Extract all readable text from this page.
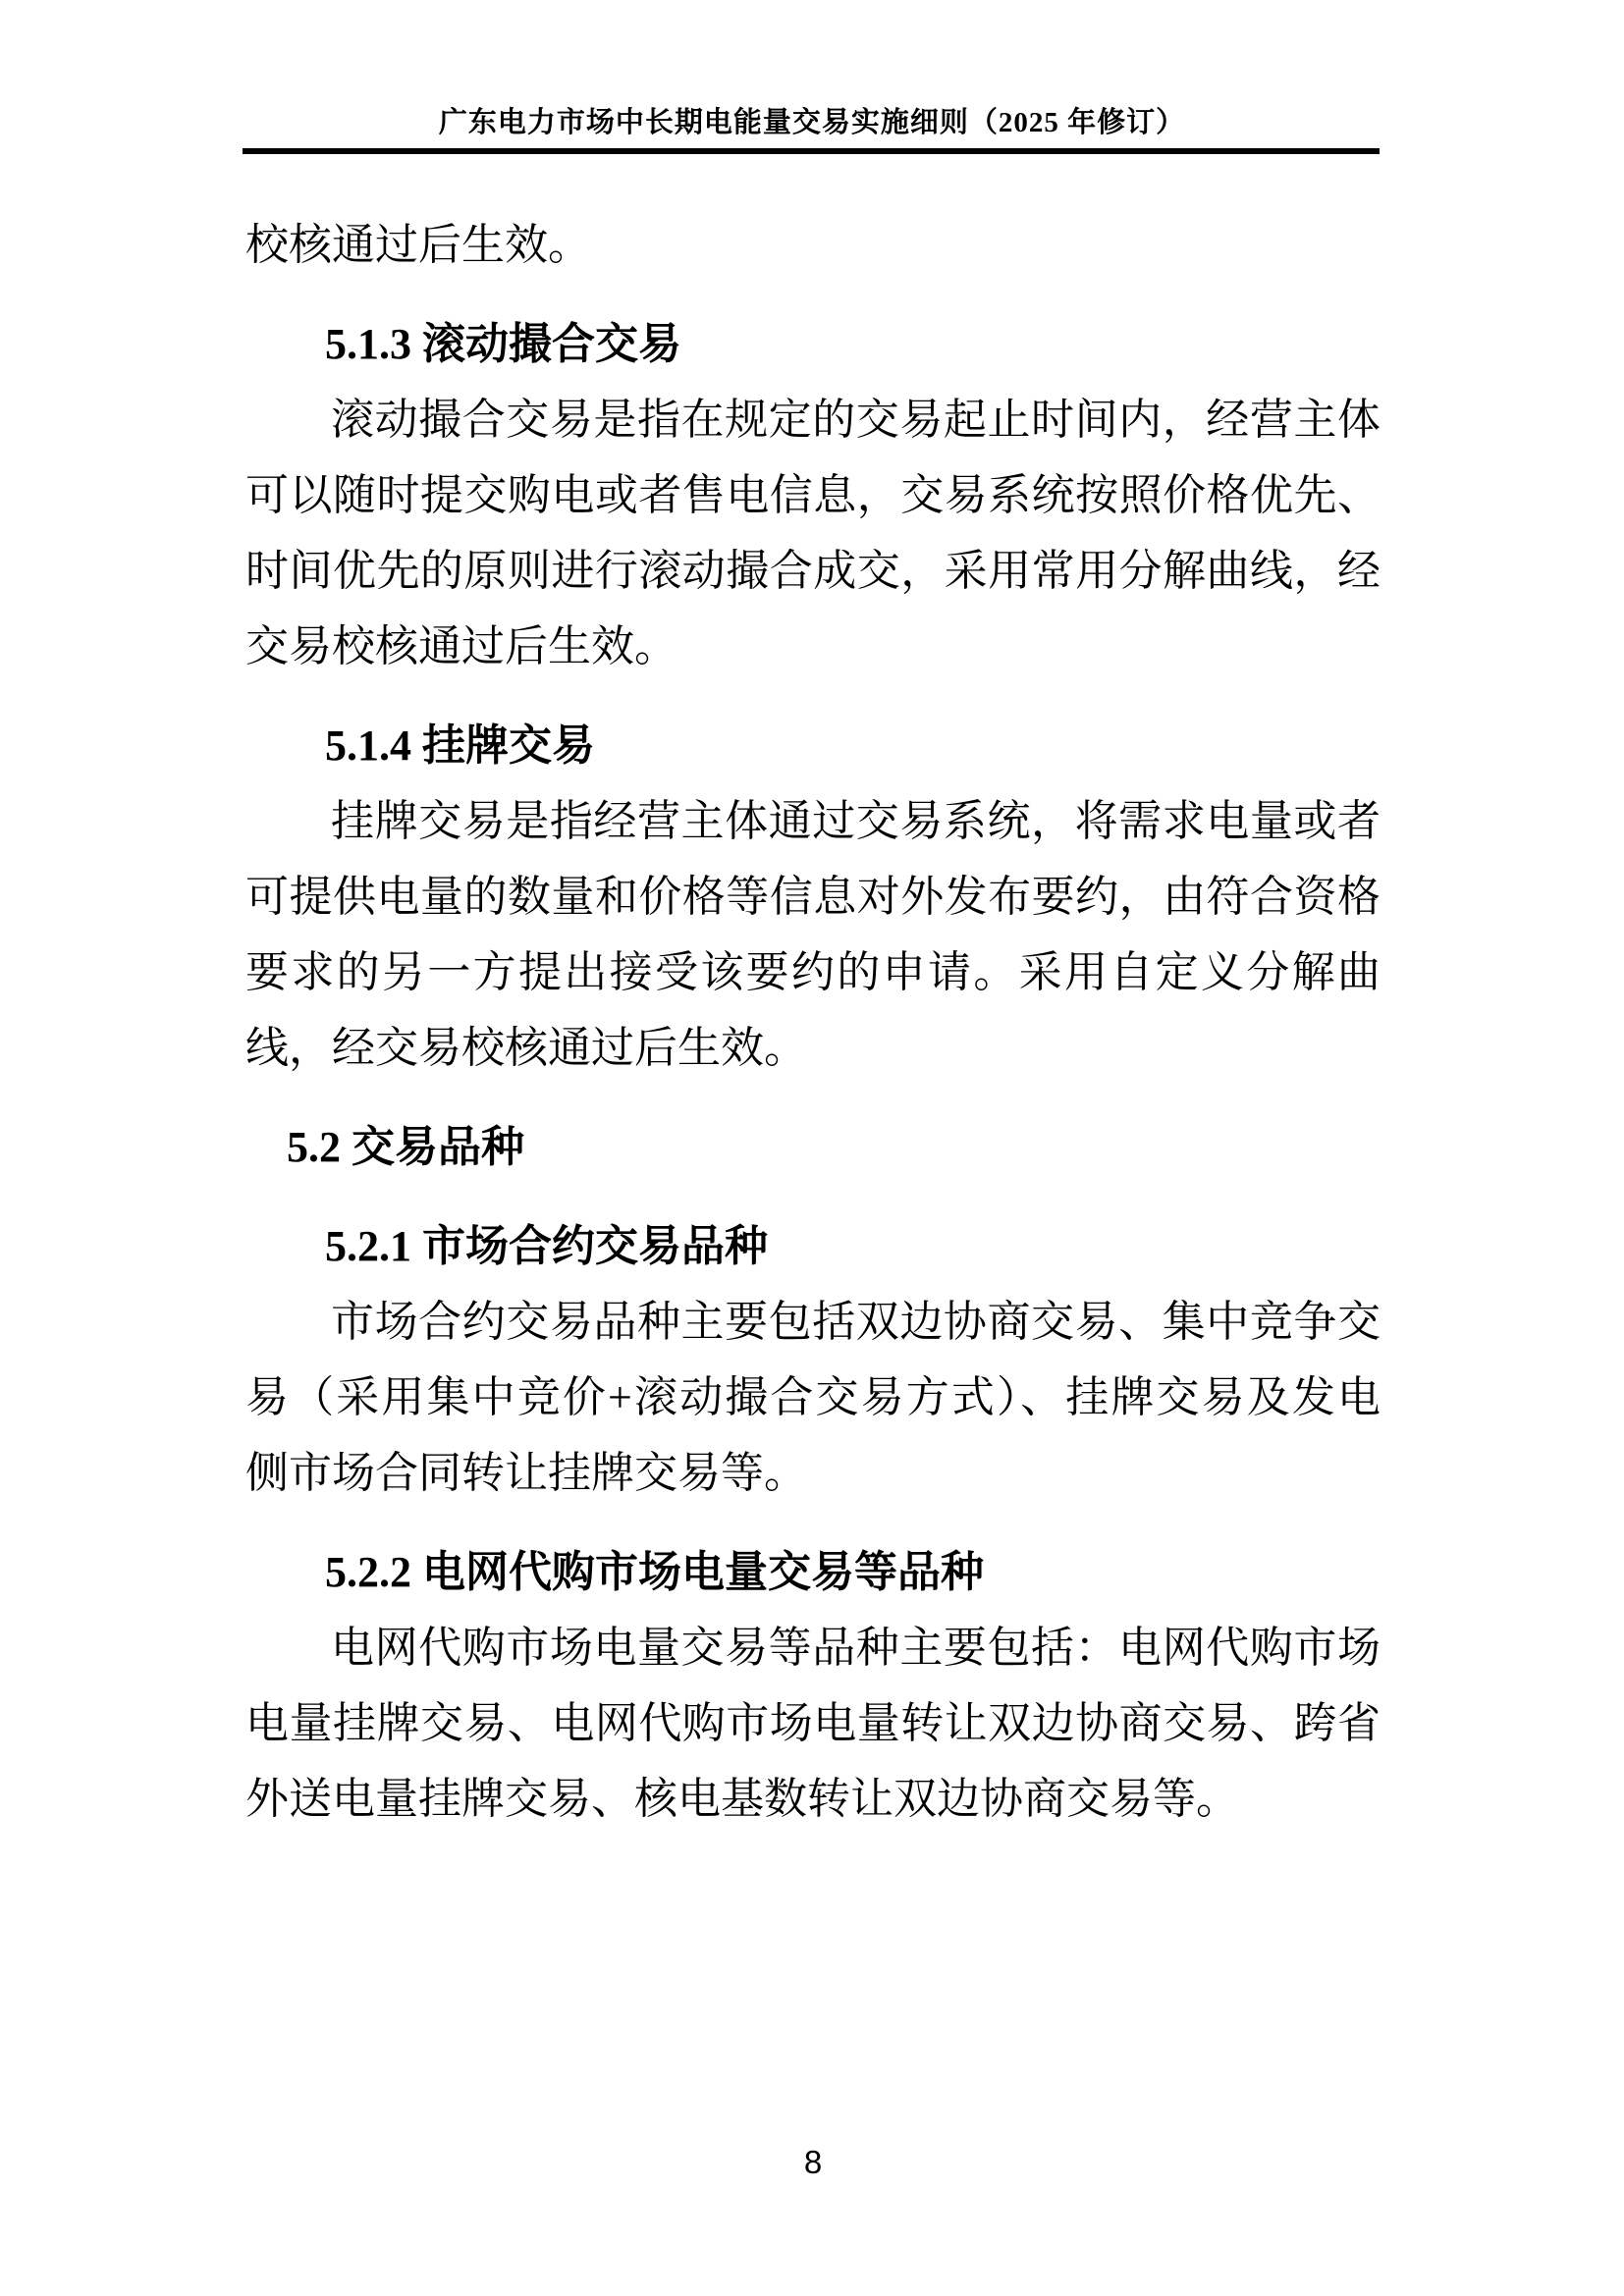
广东电力市场中长期电能量交易实施细则（2025 年修订）
校核通过后生效。
5.1.3 滚动撮合交易
滚动撮合交易是指在规定的交易起止时间内，经营主体
可以随时提交购电或者售电信息，交易系统按照价格优先、
时间优先的原则进行滚动撮合成交，采用常用分解曲线，经
交易校核通过后生效。
5.1.4 挂牌交易
挂牌交易是指经营主体通过交易系统，将需求电量或者
可提供电量的数量和价格等信息对外发布要约，由符合资格
要求的另一方提出接受该要约的申请。采用自定义分解曲
线，经交易校核通过后生效。
5.2 交易品种
5.2.1 市场合约交易品种
市场合约交易品种主要包括双边协商交易、集中竞争交
易（采用集中竞价+滚动撮合交易方式）、挂牌交易及发电
侧市场合同转让挂牌交易等。
5.2.2 电网代购市场电量交易等品种
电网代购市场电量交易等品种主要包括：电网代购市场
电量挂牌交易、电网代购市场电量转让双边协商交易、跨省
外送电量挂牌交易、核电基数转让双边协商交易等。
8
